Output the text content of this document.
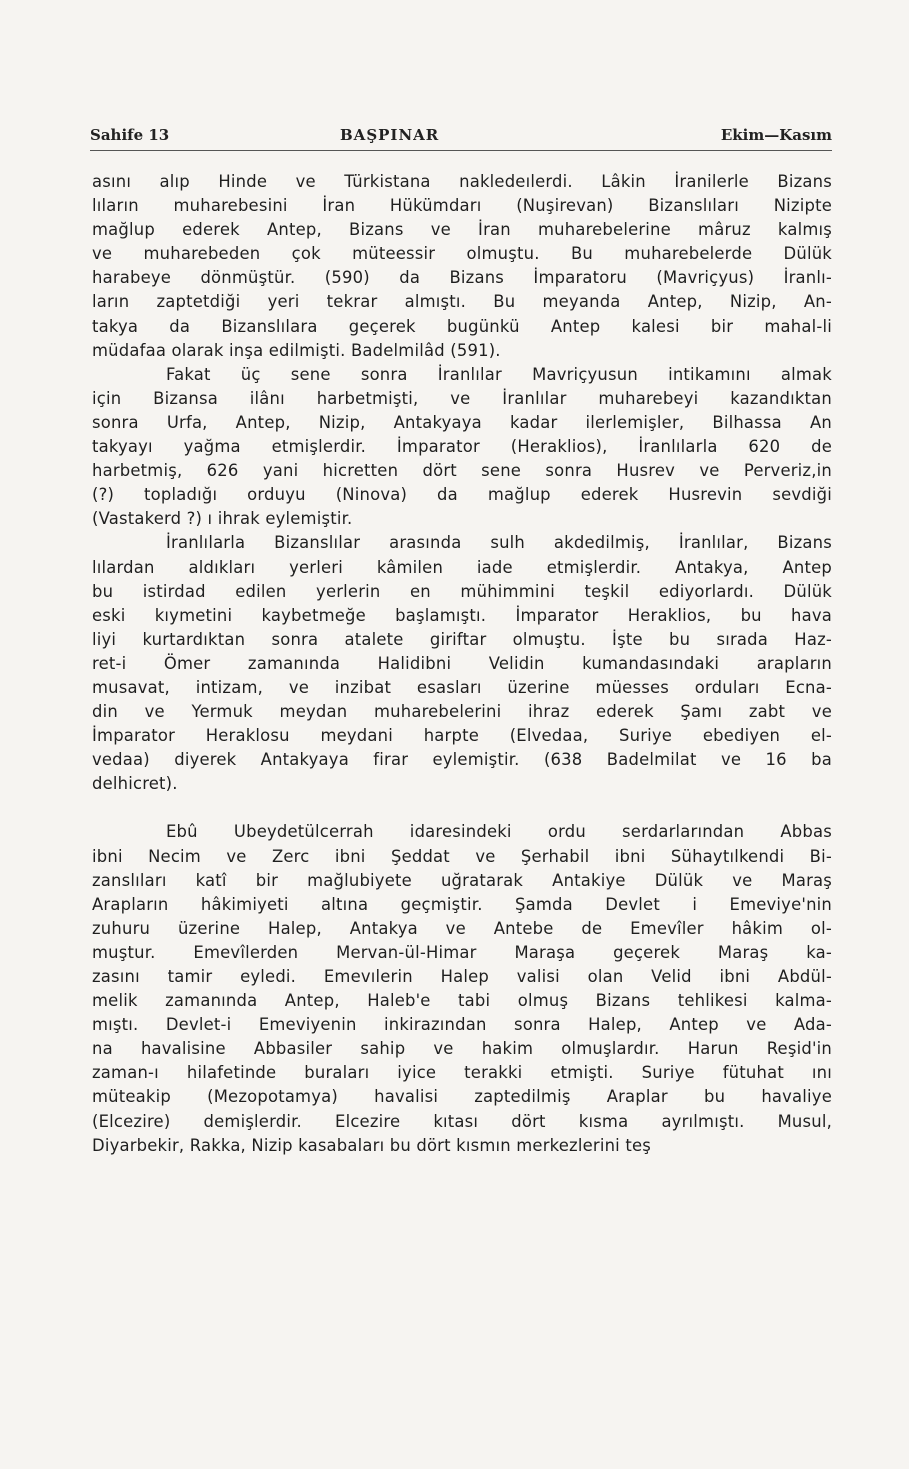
Sahife 13	BAŞPINAR	Ekim—Kasım
asını alıp Hinde ve Türkistana nakledeılerdi. Lâkin İranilerle Bizans
lıların muharebesini İran Hükümdarı (Nuşirevan) Bizanslıları Nizipte
mağlup ederek Antep, Bizans ve İran muharebelerine mâruz kalmış
ve muharebeden çok müteessir olmuştu. Bu muharebelerde Dülük
harabeye dönmüştür. (590) da Bizans İmparatoru (Mavriçyus) İranlı-
ların zaptetdiği yeri tekrar almıştı. Bu meyanda Antep, Nizip, An-
takya da Bizanslılara geçerek bugünkü Antep kalesi bir mahal-li
müdafaa olarak inşa edilmişti. Badelmilâd (591).
Fakat üç sene sonra İranlılar Mavriçyusun intikamını almak
için Bizansa ilânı harbetmişti, ve İranlılar muharebeyi kazandıktan
sonra Urfa, Antep, Nizip, Antakyaya kadar ilerlemişler, Bilhassa An
takyayı yağma etmişlerdir. İmparator (Heraklios), İranlılarla 620 de
harbetmiş, 626 yani hicretten dört sene sonra Husrev ve Perveriz,in
(?) topladığı orduyu (Ninova) da mağlup ederek Husrevin sevdiği
(Vastakerd ?) ı ihrak eylemiştir.
İranlılarla Bizanslılar arasında sulh akdedilmiş, İranlılar, Bizans
lılardan aldıkları yerleri kâmilen iade etmişlerdir. Antakya, Antep
bu istirdad edilen yerlerin en mühimmini teşkil ediyorlardı. Dülük
eski kıymetini kaybetmeğe başlamıştı. İmparator Heraklios, bu hava
liyi kurtardıktan sonra atalete giriftar olmuştu. İşte bu sırada Haz-
ret-i Ömer zamanında Halidibni Velidin kumandasındaki arapların
musavat, intizam, ve inzibat esasları üzerine müesses orduları Ecna-
din ve Yermuk meydan muharebelerini ihraz ederek Şamı zabt ve
İmparator Heraklosu meydani harpte (Elvedaa, Suriye ebediyen el-
vedaa) diyerek Antakyaya firar eylemiştir. (638 Badelmilat ve 16 ba
delhicret).
Ebû Ubeydetülcerrah idaresindeki ordu serdarlarından Abbas
ibni Necim ve Zerc ibni Şeddat ve Şerhabil ibni Sühaytılkendi Bi-
zanslıları katî bir mağlubiyete uğratarak Antakiye Dülük ve Maraş
Arapların hâkimiyeti altına geçmiştir. Şamda Devlet i Emeviye'nin
zuhuru üzerine Halep, Antakya ve Antebe de Emevîler hâkim ol-
muştur. Emevîlerden Mervan-ül-Himar Maraşa geçerek Maraş ka-
zasını tamir eyledi. Emevılerin Halep valisi olan Velid ibni Abdül-
melik zamanında Antep, Haleb'e tabi olmuş Bizans tehlikesi kalma-
mıştı. Devlet-i Emeviyenin inkirazından sonra Halep, Antep ve Ada-
na havalisine Abbasiler sahip ve hakim olmuşlardır. Harun Reşid'in
zaman-ı hilafetinde buraları iyice terakki etmişti. Suriye fütuhat ını
müteakip (Mezopotamya) havalisi zaptedilmiş Araplar bu havaliye
(Elcezire) demişlerdir. Elcezire kıtası dört kısma ayrılmıştı. Musul,
Diyarbekir, Rakka, Nizip kasabaları bu dört kısmın merkezlerini teş
